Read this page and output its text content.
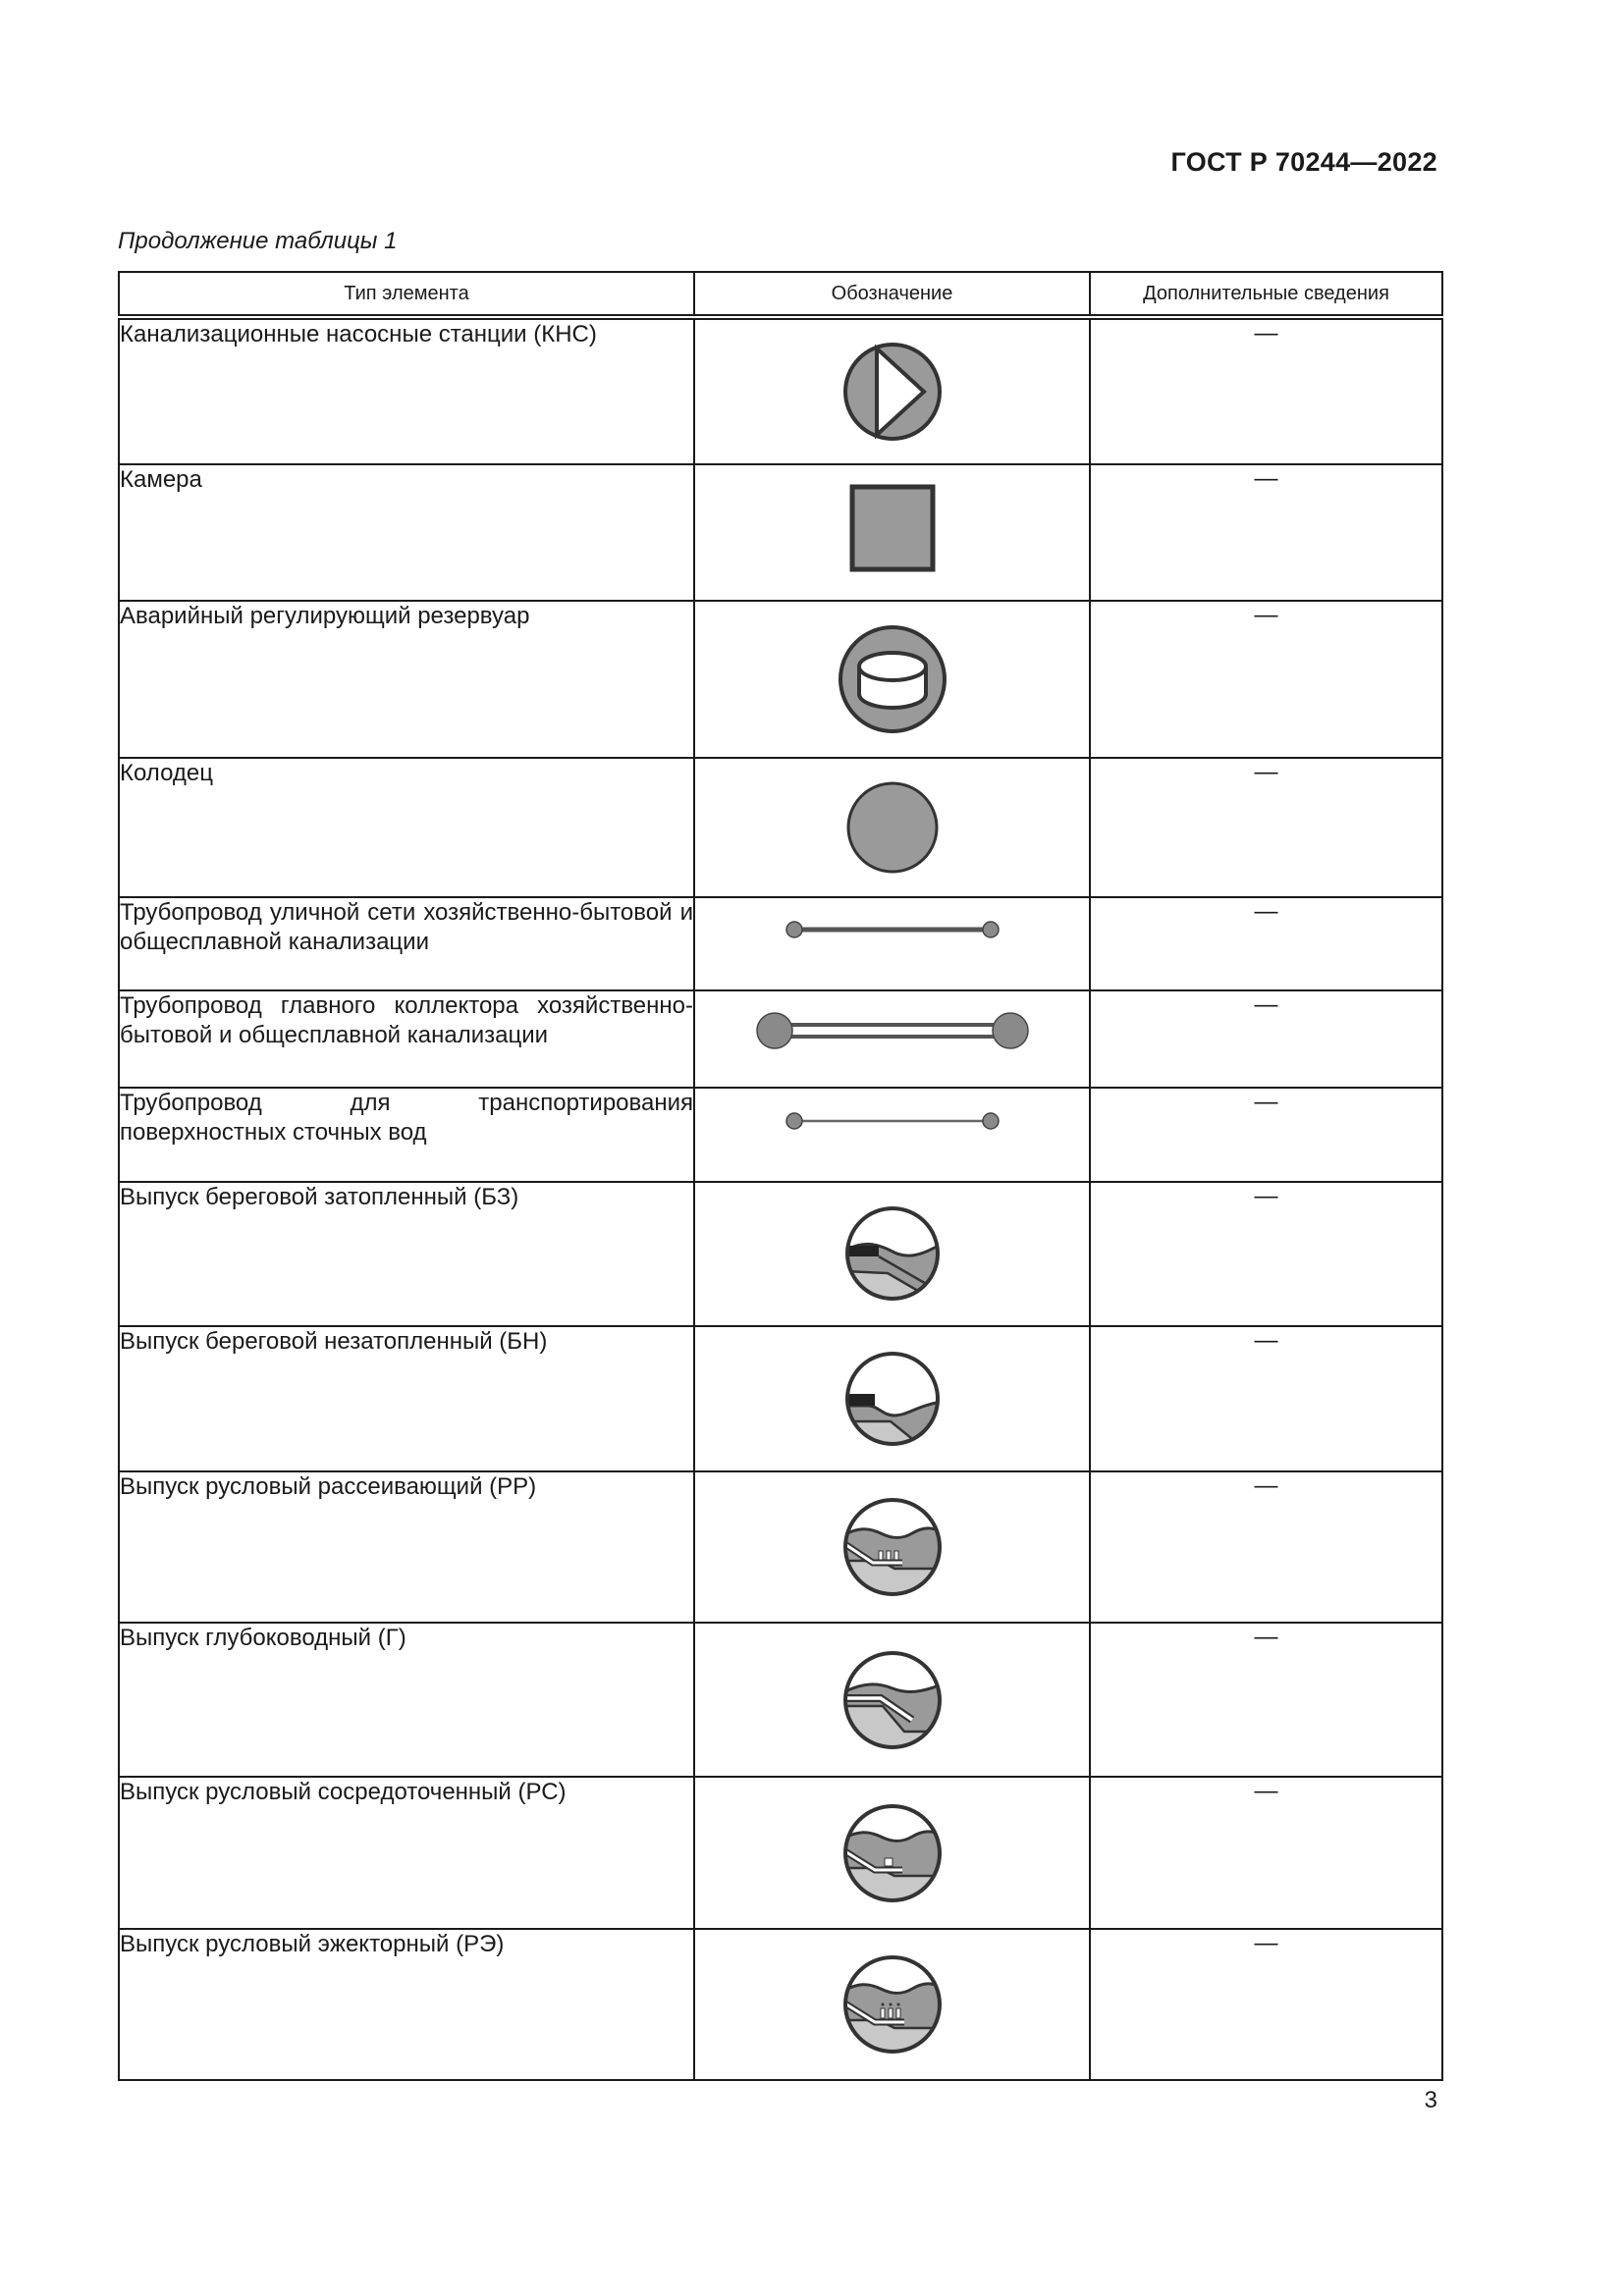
ГОСТ Р 70244—2022
Продолжение таблицы 1
Тип элемента	Обозначение	Дополнительные сведения
Канализационные насосные станции (КНС)		—
Камера		—
Аварийный регулирующий резервуар		—
Колодец		—
Трубопровод уличной сети хозяйственно-бытовой и общесплавной канализации		—
Трубопровод главного коллектора хозяйственно-бытовой и общесплавной канализации		—
Трубопровод для транспортирования поверхностных сточных вод		—
Выпуск береговой затопленный (БЗ)		—
Выпуск береговой незатопленный (БН)		—
Выпуск русловый рассеивающий (РР)		—
Выпуск глубоководный (Г)		—
Выпуск русловый сосредоточенный (РС)		—
Выпуск русловый эжекторный (РЭ)		—
3
